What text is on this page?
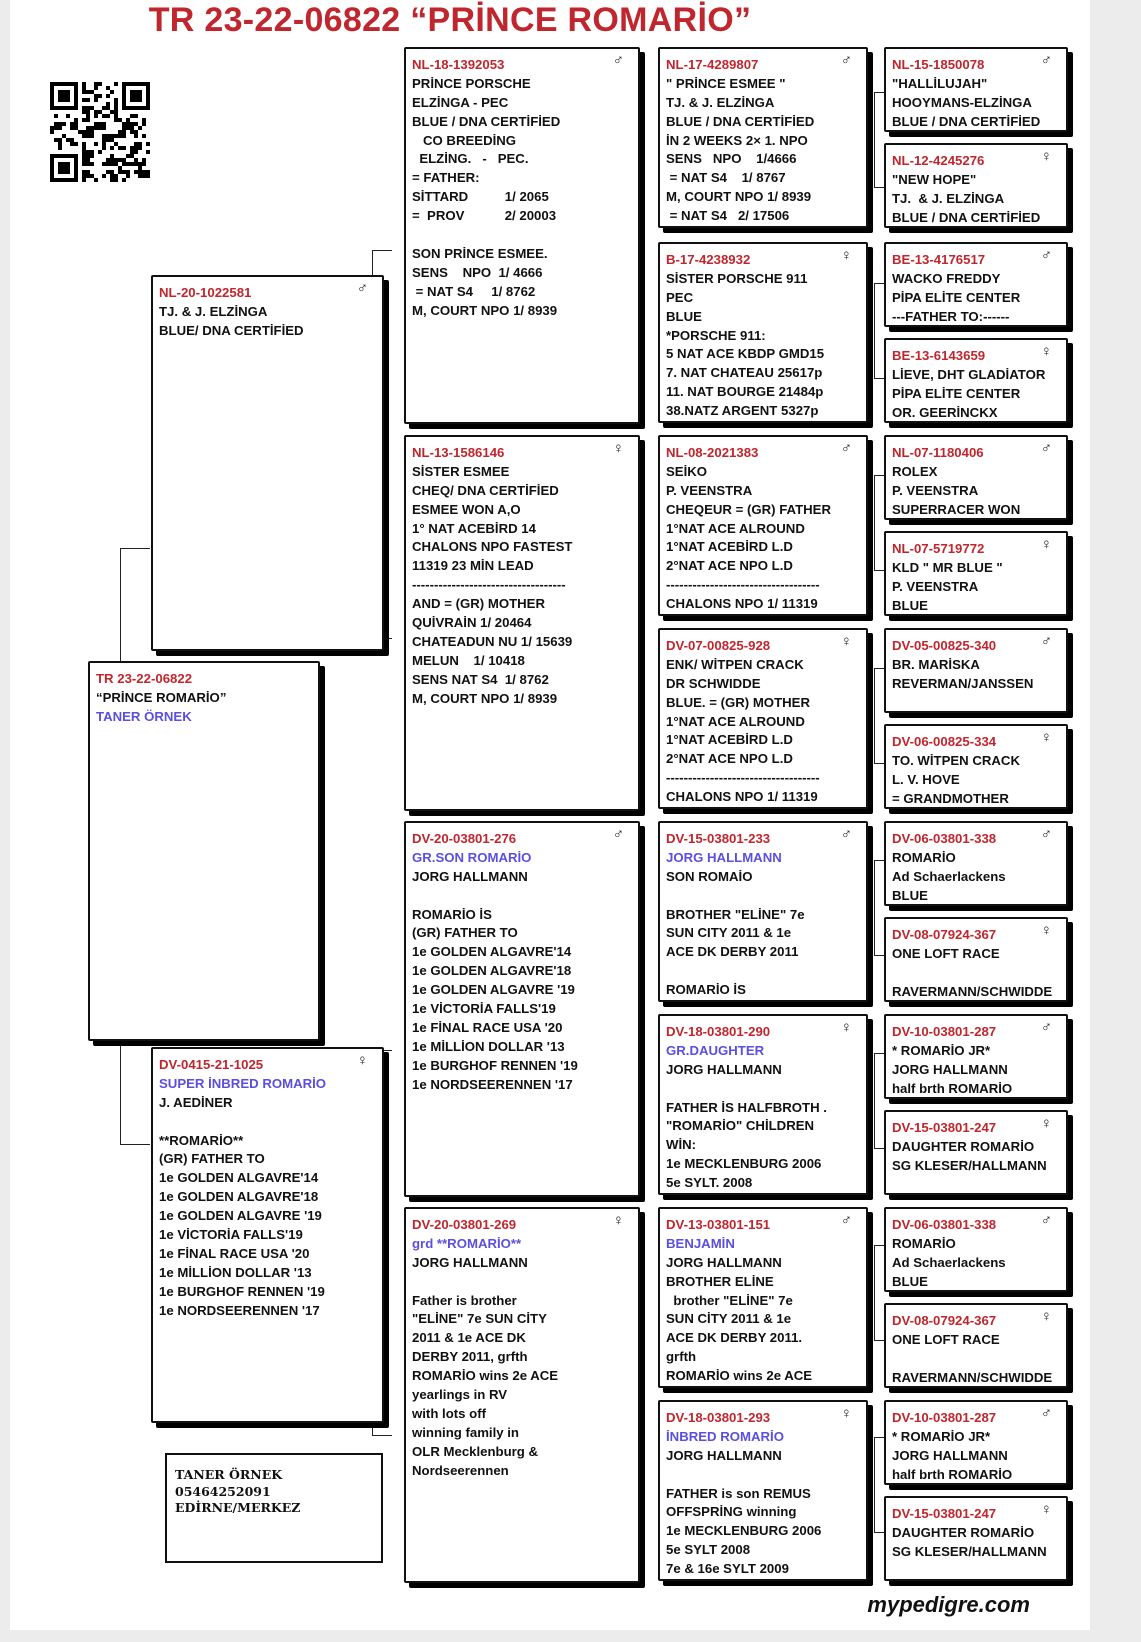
TR 23-22-06822 “PRİNCE ROMARİO”
TR 23-22-06822
“PRİNCE ROMARİO”
TANER ÖRNEK
NL-20-1022581
TJ. & J. ELZİNGA
BLUE/ DNA CERTİFİED
♂
DV-0415-21-1025
SUPER İNBRED ROMARİO
J. AEDİNER
**ROMARİO**
(GR) FATHER TO
1e GOLDEN ALGAVRE'14
1e GOLDEN ALGAVRE'18
1e GOLDEN ALGAVRE '19
1e VİCTORİA FALLS'19
1e FİNAL RACE USA '20
1e MİLLİON DOLLAR '13
1e BURGHOF RENNEN '19
1e NORDSEERENNEN '17
♀
NL-18-1392053
PRİNCE PORSCHE
ELZİNGA - PEC
BLUE / DNA CERTİFİED
CO BREEDİNG
ELZİNG.   -   PEC.
= FATHER:
SİTTARD          1/ 2065
=  PROV           2/ 20003
SON PRİNCE ESMEE.
SENS    NPO  1/ 4666
= NAT S4     1/ 8762
M, COURT NPO 1/ 8939
♂
NL-13-1586146
SİSTER ESMEE
CHEQ/ DNA CERTİFİED
ESMEE WON A,O
1° NAT ACEBİRD 14
CHALONS NPO FASTEST
11319 23 MİN LEAD
-----------------------------------
AND = (GR) MOTHER
QUİVRAİN 1/ 20464
CHATEADUN NU 1/ 15639
MELUN    1/ 10418
SENS NAT S4  1/ 8762
M, COURT NPO 1/ 8939
♀
DV-20-03801-276
GR.SON ROMARİO
JORG HALLMANN
ROMARİO İS
(GR) FATHER TO
1e GOLDEN ALGAVRE'14
1e GOLDEN ALGAVRE'18
1e GOLDEN ALGAVRE '19
1e VİCTORİA FALLS'19
1e FİNAL RACE USA '20
1e MİLLİON DOLLAR '13
1e BURGHOF RENNEN '19
1e NORDSEERENNEN '17
♂
DV-20-03801-269
grd **ROMARİO**
JORG HALLMANN
Father is brother
"ELİNE" 7e SUN CİTY
2011 & 1e ACE DK
DERBY 2011, grfth
ROMARİO wins 2e ACE
yearlings in RV
with lots off
winning family in
OLR Mecklenburg &
Nordseerennen
♀
NL-17-4289807
" PRİNCE ESMEE "
TJ. & J. ELZİNGA
BLUE / DNA CERTİFİED
İN 2 WEEKS 2× 1. NPO
SENS   NPO    1/4666
= NAT S4    1/ 8767
M, COURT NPO 1/ 8939
= NAT S4   2/ 17506
♂
B-17-4238932
SİSTER PORSCHE 911
PEC
BLUE
*PORSCHE 911:
5 NAT ACE KBDP GMD15
7. NAT CHATEAU 25617p
11. NAT BOURGE 21484p
38.NATZ ARGENT 5327p
♀
NL-08-2021383
SEİKO
P. VEENSTRA
CHEQEUR = (GR) FATHER
1°NAT ACE ALROUND
1°NAT ACEBİRD L.D
2°NAT ACE NPO L.D
-----------------------------------
CHALONS NPO 1/ 11319
♂
DV-07-00825-928
ENK/ WİTPEN CRACK
DR SCHWIDDE
BLUE. = (GR) MOTHER
1°NAT ACE ALROUND
1°NAT ACEBİRD L.D
2°NAT ACE NPO L.D
-----------------------------------
CHALONS NPO 1/ 11319
♀
DV-15-03801-233
JORG HALLMANN
SON ROMAİO
BROTHER "ELİNE" 7e
SUN CITY 2011 & 1e
ACE DK DERBY 2011
ROMARİO İS
♂
DV-18-03801-290
GR.DAUGHTER
JORG HALLMANN
FATHER İS HALFBROTH .
"ROMARİO" CHİLDREN
WİN:
1e MECKLENBURG 2006
5e SYLT. 2008
♀
DV-13-03801-151
BENJAMİN
JORG HALLMANN
BROTHER ELİNE
brother "ELİNE" 7e
SUN CİTY 2011 & 1e
ACE DK DERBY 2011.
grfth
ROMARİO wins 2e ACE
♂
DV-18-03801-293
İNBRED ROMARİO
JORG HALLMANN
FATHER is son REMUS
OFFSPRİNG winning
1e MECKLENBURG 2006
5e SYLT 2008
7e & 16e SYLT 2009
♀
NL-15-1850078
"HALLİLUJAH"
HOOYMANS-ELZİNGA
BLUE / DNA CERTİFİED
♂
NL-12-4245276
"NEW HOPE"
TJ.  & J. ELZİNGA
BLUE / DNA CERTİFİED
♀
BE-13-4176517
WACKO FREDDY
PİPA ELİTE CENTER
---FATHER TO:------
♂
BE-13-6143659
LİEVE, DHT GLADİATOR
PİPA ELİTE CENTER
OR. GEERİNCKX
♀
NL-07-1180406
ROLEX
P. VEENSTRA
SUPERRACER WON
♂
NL-07-5719772
KLD " MR BLUE "
P. VEENSTRA
BLUE
♀
DV-05-00825-340
BR. MARİSKA
REVERMAN/JANSSEN
♂
DV-06-00825-334
TO. WİTPEN CRACK
L. V. HOVE
= GRANDMOTHER
♀
DV-06-03801-338
ROMARİO
Ad Schaerlackens
BLUE
♂
DV-08-07924-367
ONE LOFT RACE
RAVERMANN/SCHWIDDE
♀
DV-10-03801-287
* ROMARİO JR*
JORG HALLMANN
half brth ROMARİO
♂
DV-15-03801-247
DAUGHTER ROMARİO
SG KLESER/HALLMANN
♀
DV-06-03801-338
ROMARİO
Ad Schaerlackens
BLUE
♂
DV-08-07924-367
ONE LOFT RACE
RAVERMANN/SCHWIDDE
♀
DV-10-03801-287
* ROMARİO JR*
JORG HALLMANN
half brth ROMARİO
♂
DV-15-03801-247
DAUGHTER ROMARİO
SG KLESER/HALLMANN
♀
TANER ÖRNEK
05464252091
EDİRNE/MERKEZ
mypedigre.com
